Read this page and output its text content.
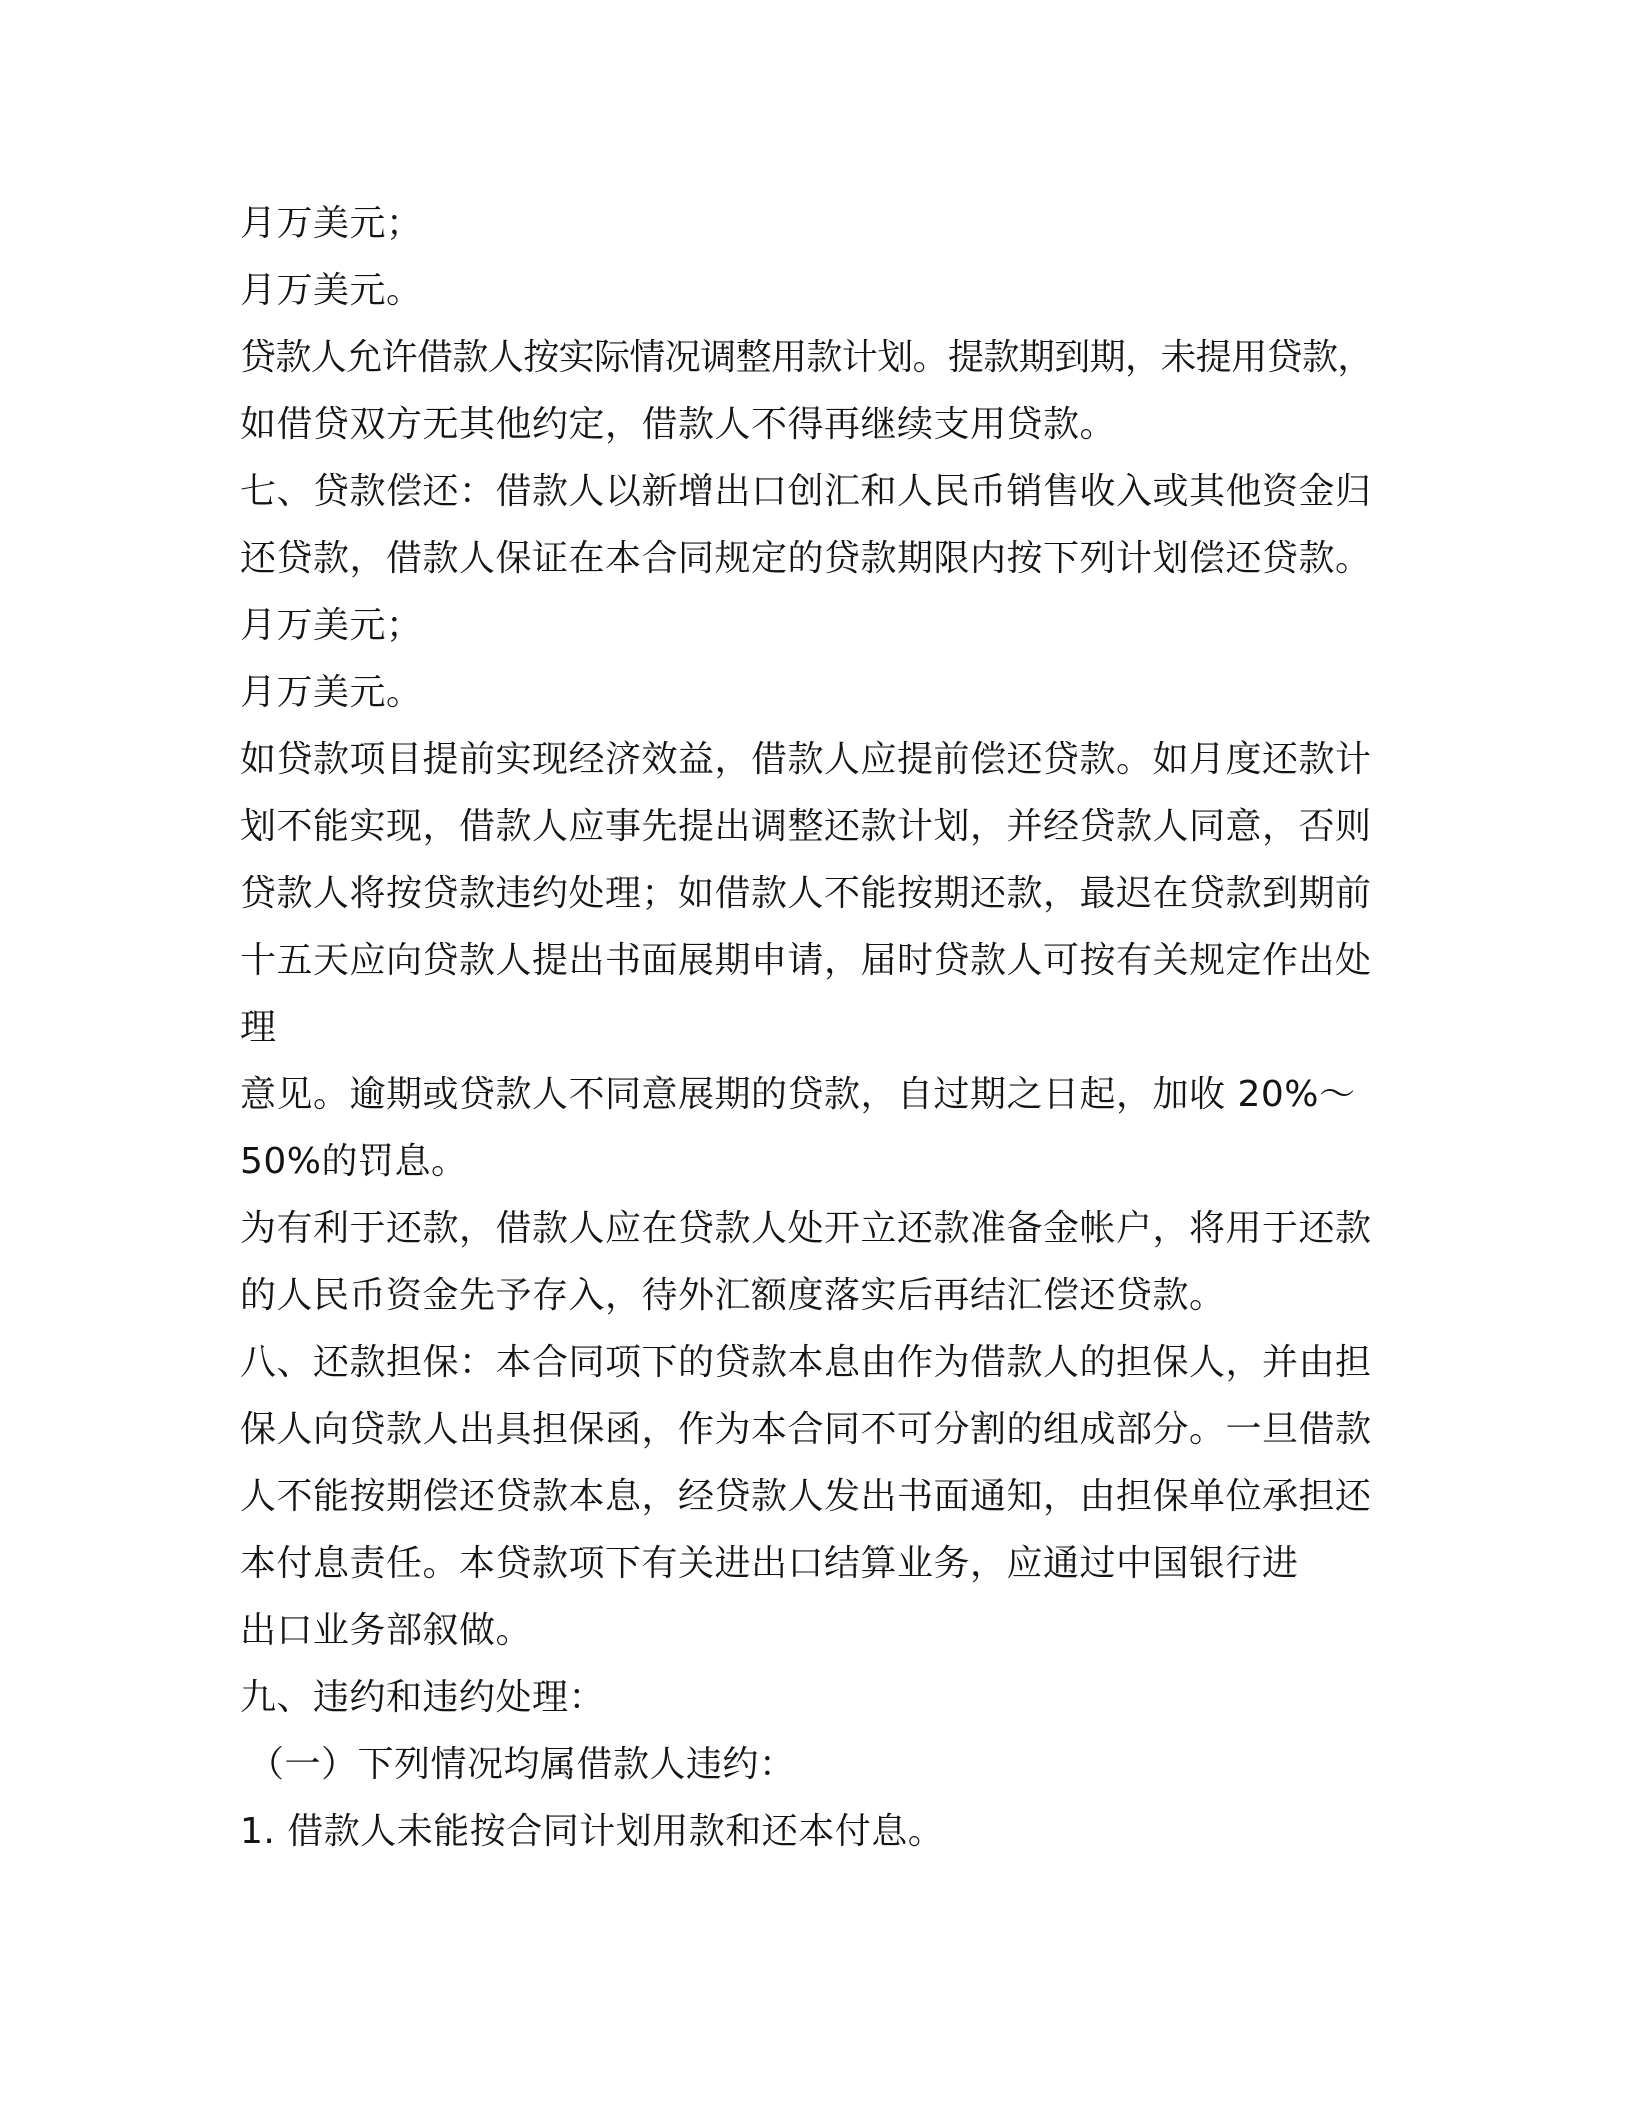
月万美元；
月万美元。
贷款人允许借款人按实际情况调整用款计划。提款期到期，未提用贷款，
如借贷双方无其他约定，借款人不得再继续支用贷款。
七、贷款偿还：借款人以新增出口创汇和人民币销售收入或其他资金归
还贷款，借款人保证在本合同规定的贷款期限内按下列计划偿还贷款。
月万美元；
月万美元。
如贷款项目提前实现经济效益，借款人应提前偿还贷款。如月度还款计
划不能实现，借款人应事先提出调整还款计划，并经贷款人同意，否则
贷款人将按贷款违约处理；如借款人不能按期还款，最迟在贷款到期前
十五天应向贷款人提出书面展期申请，届时贷款人可按有关规定作出处
理
意见。逾期或贷款人不同意展期的贷款，自过期之日起，加收 20%～
50%的罚息。
为有利于还款，借款人应在贷款人处开立还款准备金帐户，将用于还款
的人民币资金先予存入，待外汇额度落实后再结汇偿还贷款。
八、还款担保：本合同项下的贷款本息由作为借款人的担保人，并由担
保人向贷款人出具担保函，作为本合同不可分割的组成部分。一旦借款
人不能按期偿还贷款本息，经贷款人发出书面通知，由担保单位承担还
本付息责任。本贷款项下有关进出口结算业务，应通过中国银行进
出口业务部叙做。
九、违约和违约处理：
（一）下列情况均属借款人违约：
1. 借款人未能按合同计划用款和还本付息。
